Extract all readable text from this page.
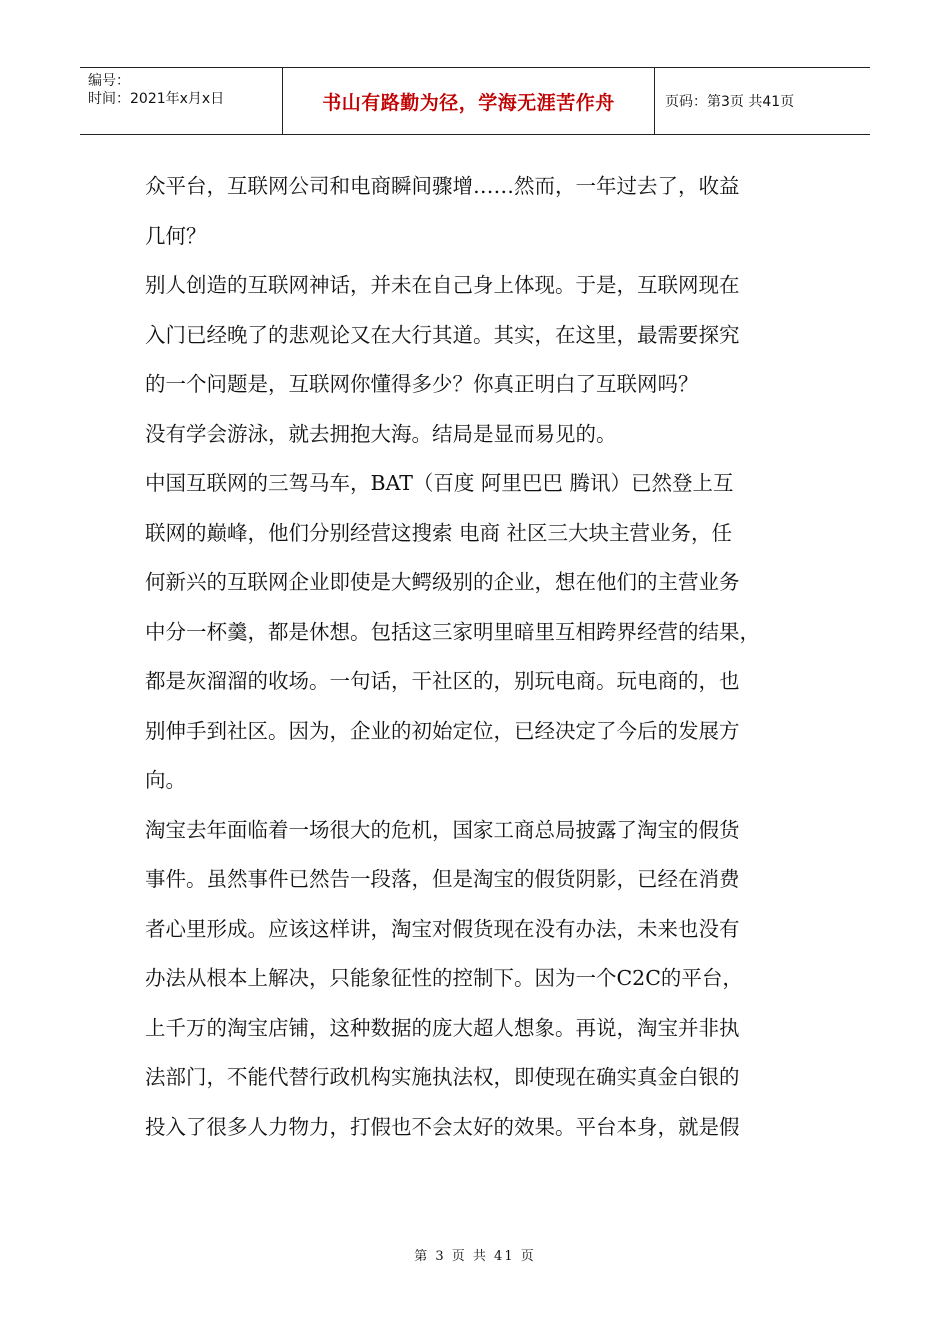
编号：
时间：2021年x月x日	书山有路勤为径，学海无涯苦作舟	页码：第3页 共41页

众平台，互联网公司和电商瞬间骤增……然而，一年过去了，收益

几何？

别人创造的互联网神话，并未在自己身上体现。于是，互联网现在

入门已经晚了的悲观论又在大行其道。其实，在这里，最需要探究

的一个问题是，互联网你懂得多少？你真正明白了互联网吗？

没有学会游泳，就去拥抱大海。结局是显而易见的。

中国互联网的三驾马车，BAT（百度 阿里巴巴 腾讯）已然登上互

联网的巅峰，他们分别经营这搜索 电商 社区三大块主营业务，任

何新兴的互联网企业即使是大鳄级别的企业，想在他们的主营业务

中分一杯羹，都是休想。包括这三家明里暗里互相跨界经营的结果，

都是灰溜溜的收场。一句话，干社区的，别玩电商。玩电商的，也

别伸手到社区。因为，企业的初始定位，已经决定了今后的发展方

向。

淘宝去年面临着一场很大的危机，国家工商总局披露了淘宝的假货

事件。虽然事件已然告一段落，但是淘宝的假货阴影，已经在消费

者心里形成。应该这样讲，淘宝对假货现在没有办法，未来也没有

办法从根本上解决，只能象征性的控制下。因为一个C2C的平台，

上千万的淘宝店铺，这种数据的庞大超人想象。再说，淘宝并非执

法部门，不能代替行政机构实施执法权，即使现在确实真金白银的

投入了很多人力物力，打假也不会太好的效果。平台本身，就是假

第 3 页 共 41 页
